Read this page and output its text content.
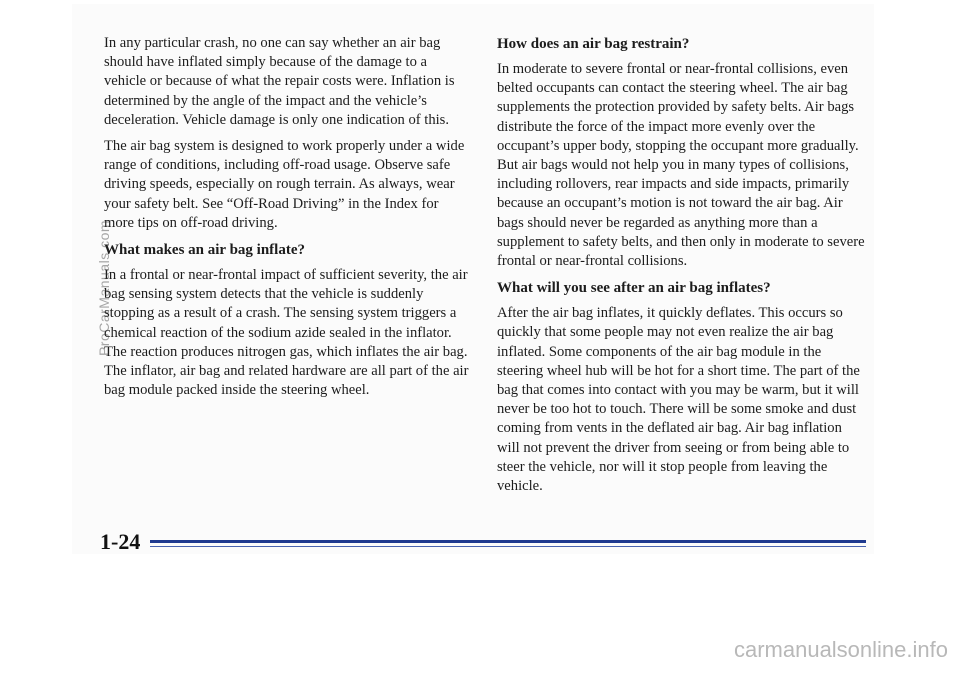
In any particular crash, no one can say whether an air bag should have inflated simply because of the damage to a vehicle or because of what the repair costs were. Inflation is determined by the angle of the impact and the vehicle’s deceleration. Vehicle damage is only one indication of this.

The air bag system is designed to work properly under a wide range of conditions, including off-road usage. Observe safe driving speeds, especially on rough terrain. As always, wear your safety belt. See “Off-Road Driving” in the Index for more tips on off-road driving.

What makes an air bag inflate?

In a frontal or near-frontal impact of sufficient severity, the air bag sensing system detects that the vehicle is suddenly stopping as a result of a crash. The sensing system triggers a chemical reaction of the sodium azide sealed in the inflator. The reaction produces nitrogen gas, which inflates the air bag. The inflator, air bag and related hardware are all part of the air bag module packed inside the steering wheel.

How does an air bag restrain?

In moderate to severe frontal or near-frontal collisions, even belted occupants can contact the steering wheel. The air bag supplements the protection provided by safety belts. Air bags distribute the force of the impact more evenly over the occupant’s upper body, stopping the occupant more gradually. But air bags would not help you in many types of collisions, including rollovers, rear impacts and side impacts, primarily because an occupant’s motion is not toward the air bag. Air bags should never be regarded as anything more than a supplement to safety belts, and then only in moderate to severe frontal or near-frontal collisions.

What will you see after an air bag inflates?

After the air bag inflates, it quickly deflates. This occurs so quickly that some people may not even realize the air bag inflated. Some components of the air bag module in the steering wheel hub will be hot for a short time. The part of the bag that comes into contact with you may be warm, but it will never be too hot to touch. There will be some smoke and dust coming from vents in the deflated air bag. Air bag inflation will not prevent the driver from seeing or from being able to steer the vehicle, nor will it stop people from leaving the vehicle.

1-24
ProCarManuals.com
carmanualsonline.info
